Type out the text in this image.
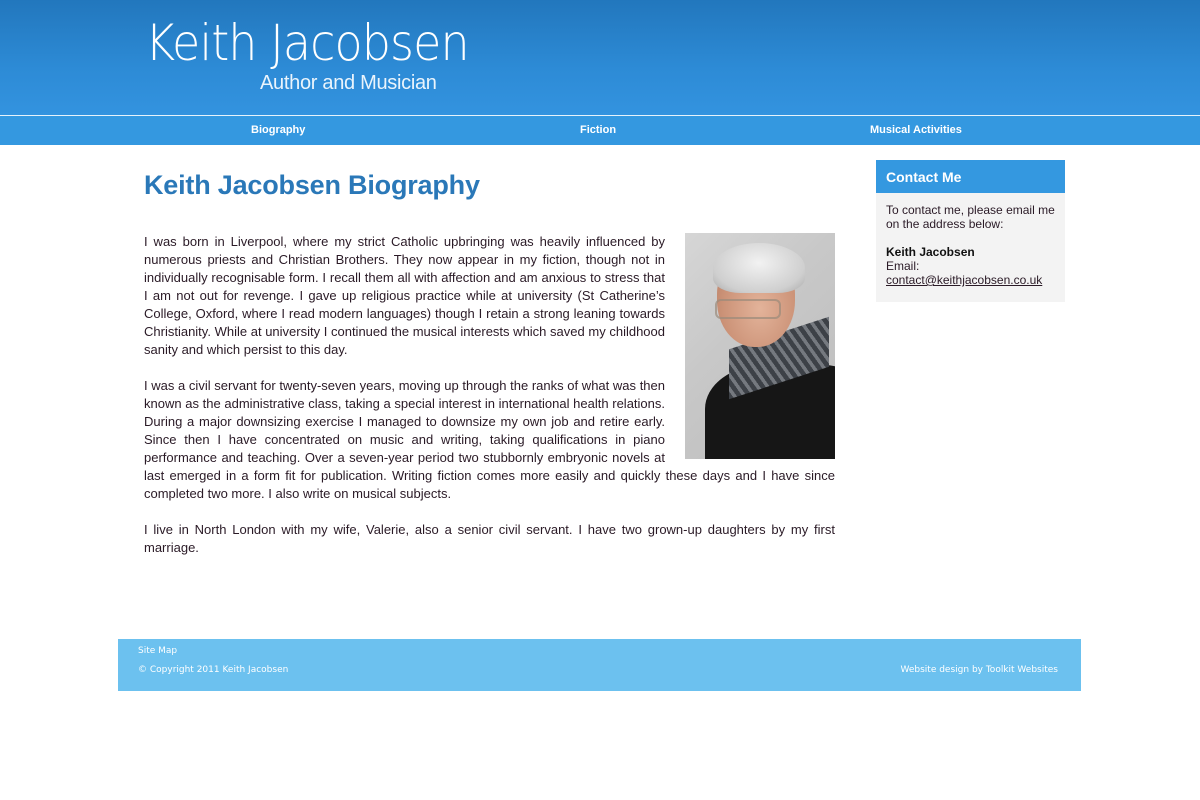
Keith Jacobsen
Author and Musician
Biography	Fiction	Musical Activities
Keith Jacobsen Biography

I was born in Liverpool, where my strict Catholic upbringing was heavily influenced by numerous priests and Christian Brothers. They now appear in my fiction, though not in individually recognisable form. I recall them all with affection and am anxious to stress that I am not out for revenge. I gave up religious practice while at university (St Catherine’s College, Oxford, where I read modern languages) though I retain a strong leaning towards Christianity. While at university I continued the musical interests which saved my childhood sanity and which persist to this day.

I was a civil servant for twenty-seven years, moving up through the ranks of what was then known as the administrative class, taking a special interest in international health relations. During a major downsizing exercise I managed to downsize my own job and retire early. Since then I have concentrated on music and writing, taking qualifications in piano performance and teaching. Over a seven-year period two stubbornly embryonic novels at last emerged in a form fit for publication. Writing fiction comes more easily and quickly these days and I have since completed two more. I also write on musical subjects.

I live in North London with my wife, Valerie, also a senior civil servant. I have two grown-up daughters by my first marriage.

Contact Me
To contact me, please email me on the address below:
Keith Jacobsen
Email:
contact@keithjacobsen.co.uk
Site Map
© Copyright 2011 Keith Jacobsen	Website design by Toolkit Websites
